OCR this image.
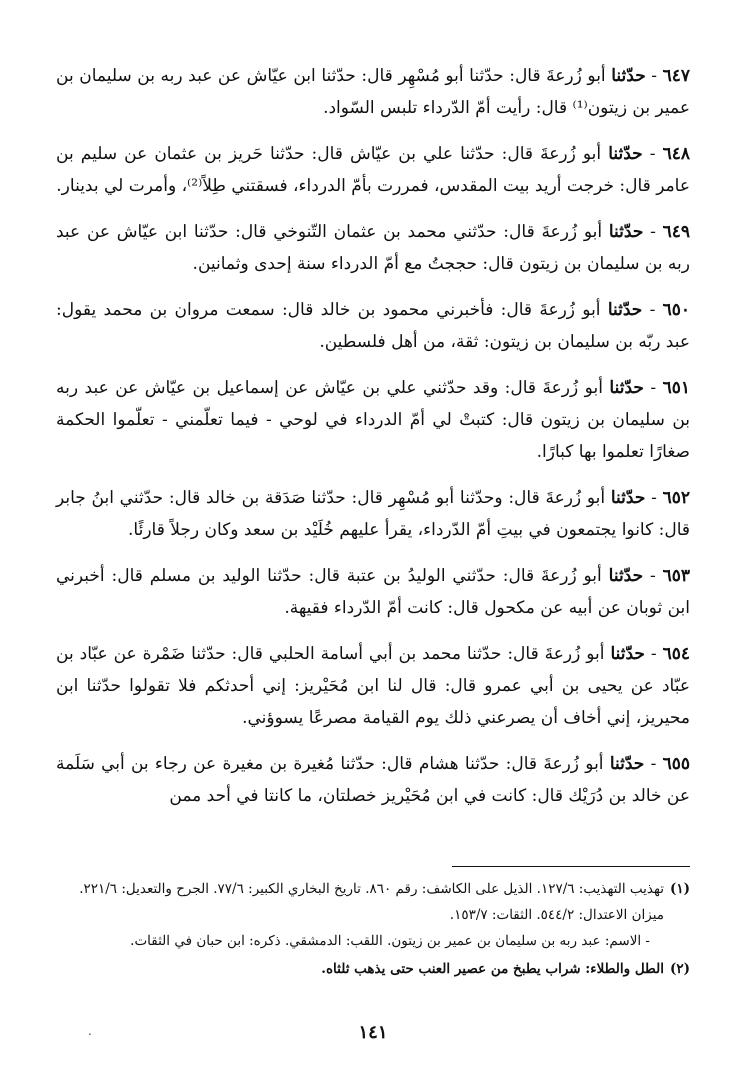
٦٤٧ - حدّثنا أبو زُرعةَ قال: حدّثنا أبو مُسْهِر قال: حدّثنا ابن عيّاش عن عبد ربه بن سليمان بن عمير بن زيتون⁽¹⁾ قال: رأيت أمّ الدّرداء تلبس السّواد.

٦٤٨ - حدّثنا أبو زُرعةَ قال: حدّثنا علي بن عيّاش قال: حدّثنا حَريز بن عثمان عن سليم بن عامر قال: خرجت أريد بيت المقدس، فمررت بأمّ الدرداء، فسقتني طِلاً⁽²⁾، وأمرت لي بدينار.

٦٤٩ - حدّثنا أبو زُرعةَ قال: حدّثني محمد بن عثمان التّنوخي قال: حدّثنا ابن عيّاش عن عبد ربه بن سليمان بن زيتون قال: حججتُ مع أمّ الدرداء سنة إحدى وثمانين.

٦٥٠ - حدّثنا أبو زُرعةَ قال: فأخبرني محمود بن خالد قال: سمعت مروان بن محمد يقول: عبد ربّه بن سليمان بن زيتون: ثقة، من أهل فلسطين.

٦٥١ - حدّثنا أبو زُرعةَ قال: وقد حدّثني علي بن عيّاش عن إسماعيل بن عيّاش عن عبد ربه بن سليمان بن زيتون قال: كتبتْ لي أمّ الدرداء في لوحي - فيما تعلّمني - تعلّموا الحكمة صغارًا تعلموا بها كبارًا.

٦٥٢ - حدّثنا أبو زُرعةَ قال: وحدّثنا أبو مُسْهِر قال: حدّثنا صَدَقة بن خالد قال: حدّثني ابنُ جابر قال: كانوا يجتمعون في بيتِ أمّ الدّرداء، يقرأ عليهم خُلَيْد بن سعد وكان رجلاً قارئًا.

٦٥٣ - حدّثنا أبو زُرعةَ قال: حدّثني الوليدُ بن عتبة قال: حدّثنا الوليد بن مسلم قال: أخبرني ابن ثوبان عن أبيه عن مكحول قال: كانت أمّ الدّرداء فقيهة.

٦٥٤ - حدّثنا أبو زُرعةَ قال: حدّثنا محمد بن أبي أسامة الحلبي قال: حدّثنا ضَمْرة عن عبّاد بن عبّاد عن يحيى بن أبي عمرو قال: قال لنا ابن مُحَيْريز: إني أحدثكم فلا تقولوا حدّثنا ابن محيريز، إني أخاف أن يصرعني ذلك يوم القيامة مصرعًا يسوؤني.

٦٥٥ - حدّثنا أبو زُرعةَ قال: حدّثنا هشام قال: حدّثنا مُغيرة بن مغيرة عن رجاء بن أبي سَلَمة عن خالد بن دُرَيْك قال: كانت في ابن مُحَيْريز خصلتان، ما كانتا في أحد ممن

(١)
تهذيب التهذيب: ١٢٧/٦. الذيل على الكاشف: رقم ٨٦٠. تاريخ البخاري الكبير: ٧٧/٦. الجرح والتعديل: ٢٢١/٦. ميزان الاعتدال: ٥٤٤/٢. الثقات: ١٥٣/٧.
- الاسم: عبد ربه بن سليمان بن عمير بن زيتون. اللقب: الدمشقي. ذكره: ابن حبان في الثقات.
(٢)
الطل والطلاء: شراب يطبخ من عصير العنب حتى يذهب ثلثاه.
١٤١
.
